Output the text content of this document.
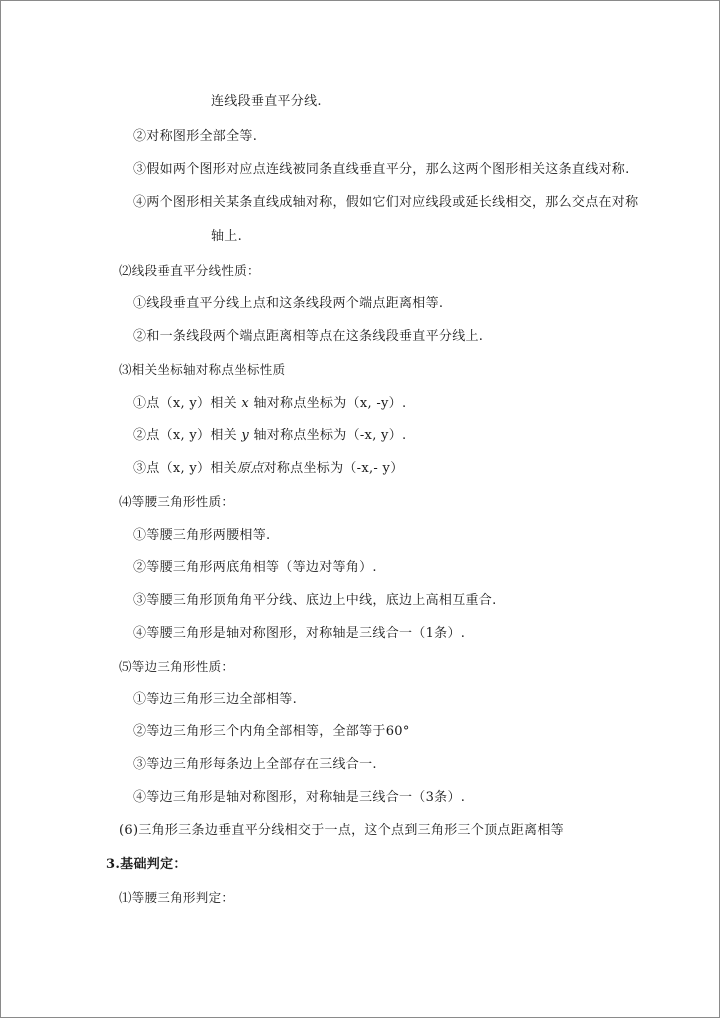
连线段垂直平分线.
②对称图形全部全等.
③假如两个图形对应点连线被同条直线垂直平分，那么这两个图形相关这条直线对称.
④两个图形相关某条直线成轴对称，假如它们对应线段或延长线相交，那么交点在对称
轴上.
⑵线段垂直平分线性质：
①线段垂直平分线上点和这条线段两个端点距离相等.
②和一条线段两个端点距离相等点在这条线段垂直平分线上.
⑶相关坐标轴对称点坐标性质
①点（x, y）相关 x 轴对称点坐标为（x, -y）.
②点（x, y）相关 y 轴对称点坐标为（-x, y）.
③点（x, y）相关原点对称点坐标为（-x,- y）
⑷等腰三角形性质：
①等腰三角形两腰相等.
②等腰三角形两底角相等（等边对等角）.
③等腰三角形顶角角平分线、底边上中线，底边上高相互重合.
④等腰三角形是轴对称图形，对称轴是三线合一（1条）.
⑸等边三角形性质：
①等边三角形三边全部相等.
②等边三角形三个内角全部相等，全部等于60°
③等边三角形每条边上全部存在三线合一.
④等边三角形是轴对称图形，对称轴是三线合一（3条）.
(6)三角形三条边垂直平分线相交于一点，这个点到三角形三个顶点距离相等
3.基础判定：
⑴等腰三角形判定：
